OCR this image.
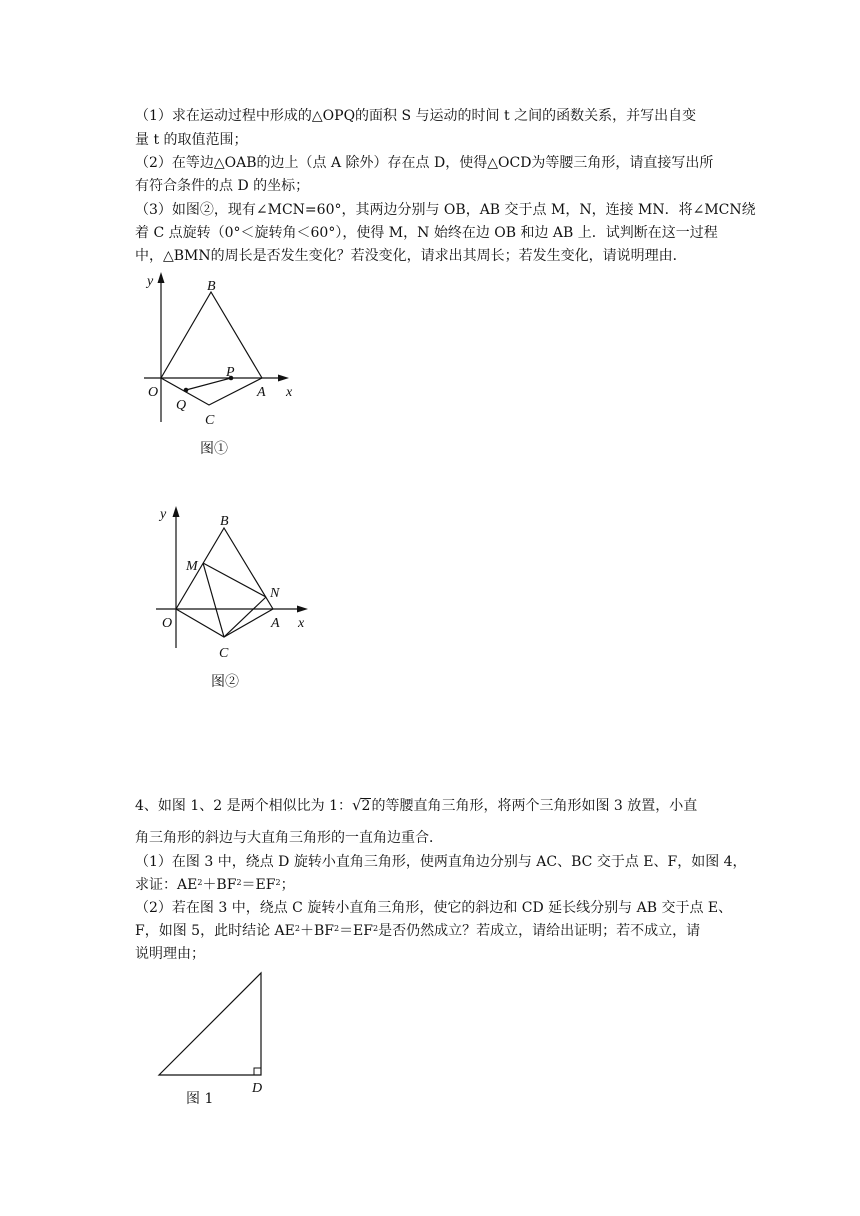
（1）求在运动过程中形成的△OPQ的面积 S 与运动的时间 t 之间的函数关系，并写出自变
量 t 的取值范围；
（2）在等边△OAB的边上（点 A 除外）存在点 D，使得△OCD为等腰三角形，请直接写出所
有符合条件的点 D 的坐标；
（3）如图②，现有∠MCN=60°，其两边分别与 OB，AB 交于点 M，N，连接 MN．将∠MCN绕
着 C 点旋转（0°＜旋转角＜60°），使得 M，N 始终在边 OB 和边 AB 上．试判断在这一过程
中，△BMN的周长是否发生变化？若没变化，请求出其周长；若发生变化，请说明理由．
y	B
O
P
A x
Q
C
图①
y	B
M
N
O	A x
C
图②
4、如图 1、2 是两个相似比为 1：√2的等腰直角三角形，将两个三角形如图 3 放置，小直
角三角形的斜边与大直角三角形的一直角边重合．
（1）在图 3 中，绕点 D 旋转小直角三角形，使两直角边分别与 AC、BC 交于点 E、F，如图 4，
求证：$AE^2+BF^2=EF^2$；
（2）若在图 3 中，绕点 C 旋转小直角三角形，使它的斜边和 CD 延长线分别与 AB 交于点 E、
F，如图 5，此时结论 $AE^2+BF^2=EF^2$是否仍然成立？若成立，请给出证明；若不成立，请
说明理由；
D
图 1
